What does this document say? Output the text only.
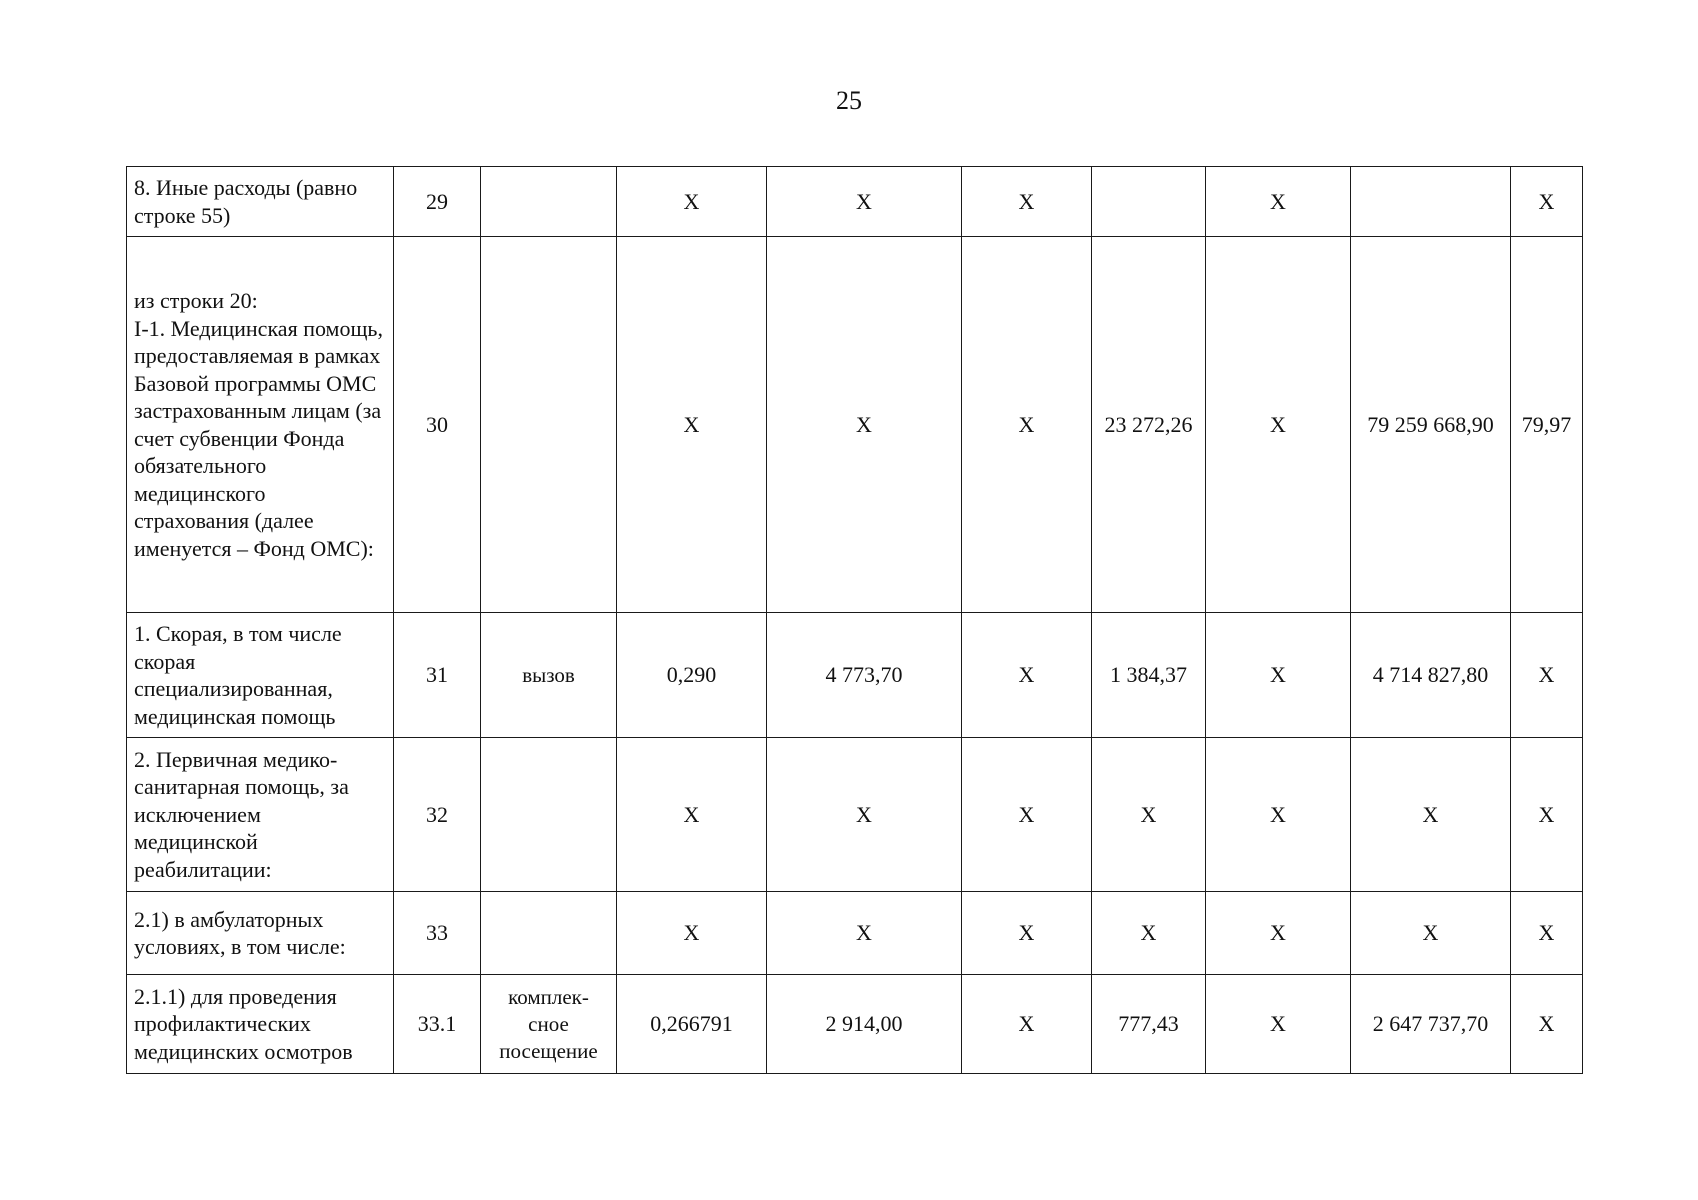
25
8. Иные расходы (равно строке 55)	29		Х	Х	Х		Х		Х
из строки 20:
I-1. Медицинская помощь, предоставляемая в рамках Базовой программы ОМС застрахованным лицам (за счет субвенции Фонда обязательного медицинского страхования (далее именуется – Фонд ОМС):	30		Х	Х	Х	23 272,26	Х	79 259 668,90	79,97
1. Скорая, в том числе скорая специализированная, медицинская помощь	31	вызов	0,290	4 773,70	Х	1 384,37	Х	4 714 827,80	Х
2. Первичная медико-санитарная помощь, за исключением медицинской реабилитации:	32		Х	Х	Х	Х	Х	Х	Х
2.1) в амбулаторных условиях, в том числе:	33		Х	Х	Х	Х	Х	Х	Х
2.1.1) для проведения профилактических медицинских осмотров	33.1	комплек-
сное
посещение	0,266791	2 914,00	Х	777,43	Х	2 647 737,70	Х
